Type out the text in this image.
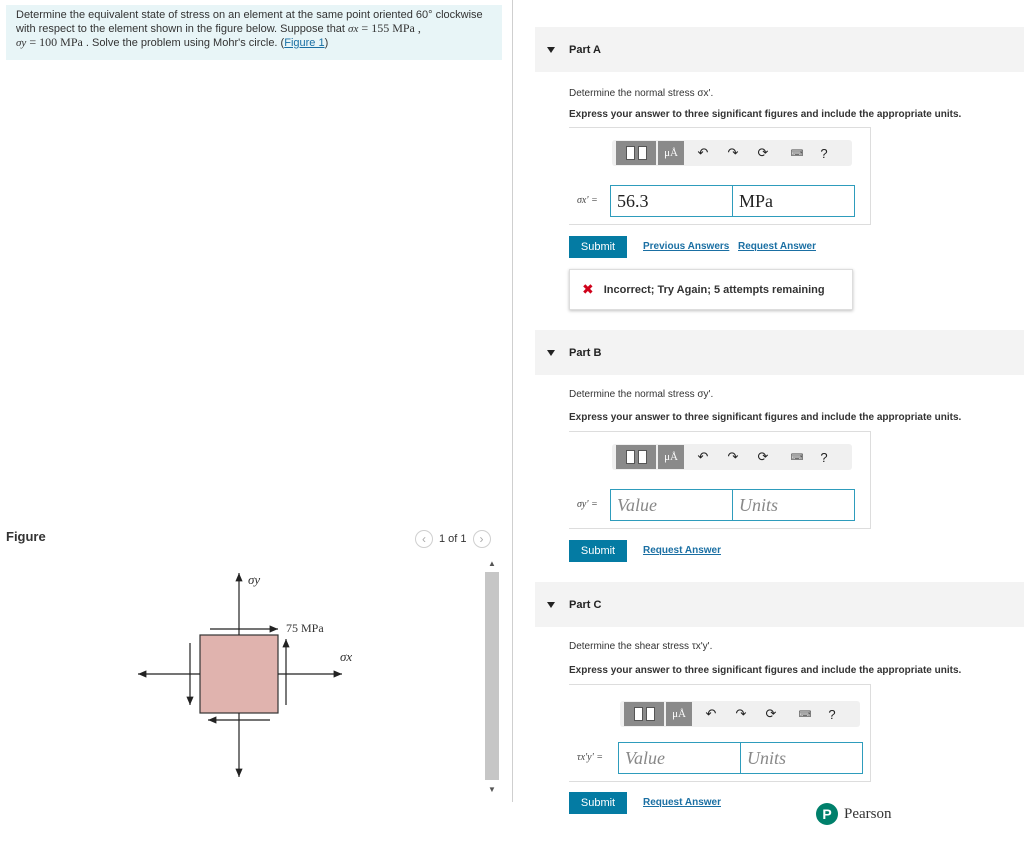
Determine the equivalent state of stress on an element at the same point oriented 60° clockwise
with respect to the element shown in the figure below. Suppose that σx = 155 MPa ,
σy = 100 MPa . Solve the problem using Mohr's circle. (Figure 1)
Figure	‹	1 of 1	›
σy
75 MPa
σx
▲
▼
Part A
Determine the normal stress σx'.
Express your answer to three significant figures and include the appropriate units.
μÅ	↶	↷	⟳	⌨	?
σx' =	56.3	MPa
Submit	Previous Answers Request Answer
✖ Incorrect; Try Again; 5 attempts remaining
Part B
Determine the normal stress σy'.
Express your answer to three significant figures and include the appropriate units.
μÅ	↶	↷	⟳	⌨	?
σy' =	Value	Units
Submit	Request Answer
Part C
Determine the shear stress τx'y'.
Express your answer to three significant figures and include the appropriate units.
μÅ	↶	↷	⟳	⌨	?
τx'y' =	Value	Units
Submit	Request Answer
P Pearson
